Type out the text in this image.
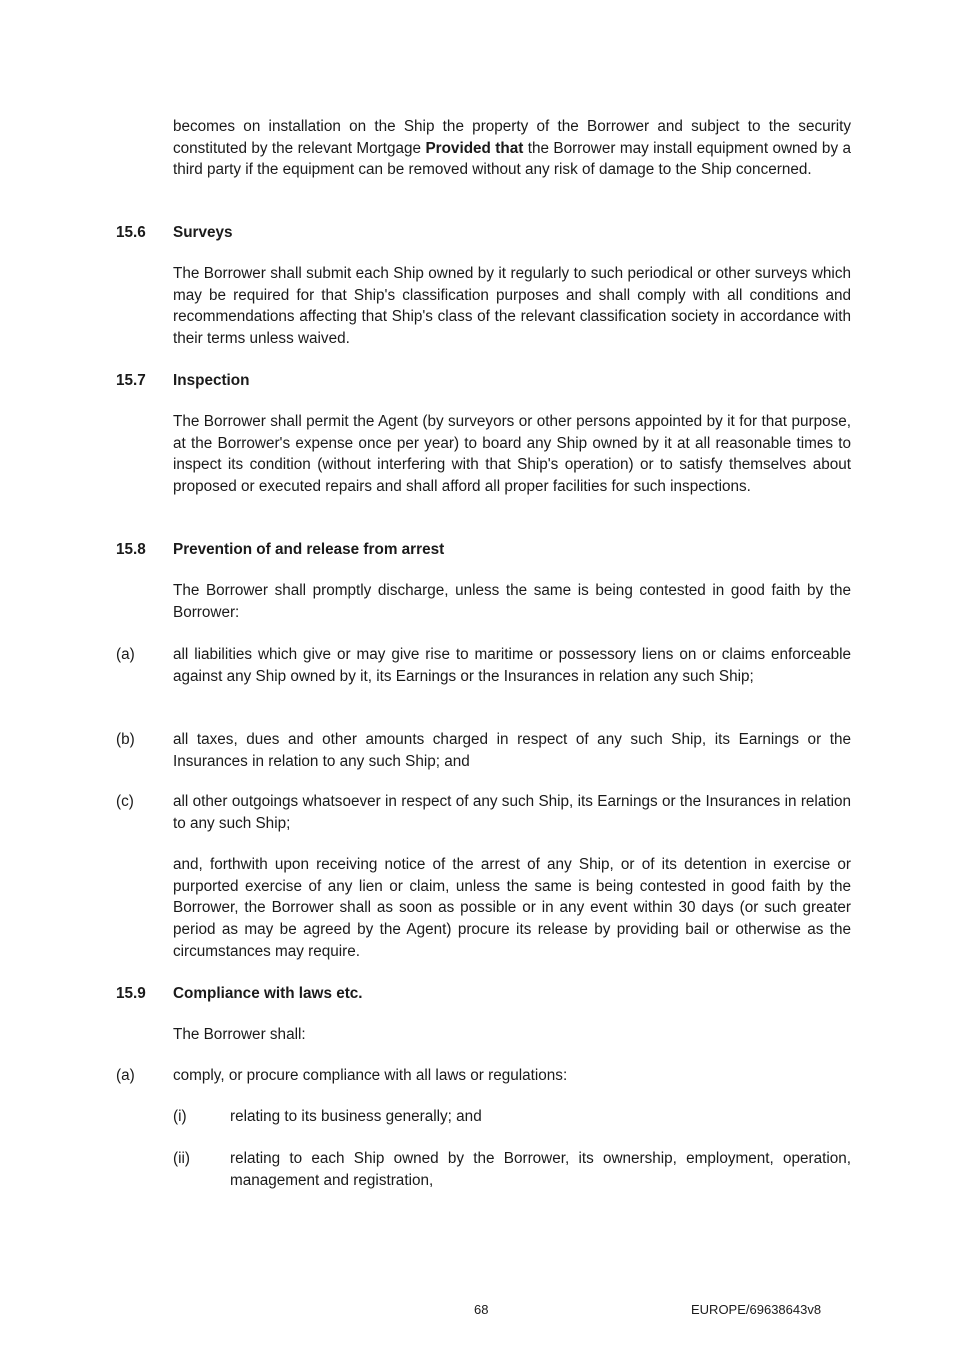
becomes on installation on the Ship the property of the Borrower and subject to the security constituted by the relevant Mortgage Provided that the Borrower may install equipment owned by a third party if the equipment can be removed without any risk of damage to the Ship concerned.

15.6 Surveys

The Borrower shall submit each Ship owned by it regularly to such periodical or other surveys which may be required for that Ship's classification purposes and shall comply with all conditions and recommendations affecting that Ship's class of the relevant classification society in accordance with their terms unless waived.

15.7 Inspection

The Borrower shall permit the Agent (by surveyors or other persons appointed by it for that purpose, at the Borrower's expense once per year) to board any Ship owned by it at all reasonable times to inspect its condition (without interfering with that Ship's operation) or to satisfy themselves about proposed or executed repairs and shall afford all proper facilities for such inspections.

15.8 Prevention of and release from arrest

The Borrower shall promptly discharge, unless the same is being contested in good faith by the Borrower:

(a)	all liabilities which give or may give rise to maritime or possessory liens on or claims enforceable against any Ship owned by it, its Earnings or the Insurances in relation any such Ship;

(b)	all taxes, dues and other amounts charged in respect of any such Ship, its Earnings or the Insurances in relation to any such Ship; and

(c)	all other outgoings whatsoever in respect of any such Ship, its Earnings or the Insurances in relation to any such Ship;

and, forthwith upon receiving notice of the arrest of any Ship, or of its detention in exercise or purported exercise of any lien or claim, unless the same is being contested in good faith by the Borrower, the Borrower shall as soon as possible or in any event within 30 days (or such greater period as may be agreed by the Agent) procure its release by providing bail or otherwise as the circumstances may require.

15.9 Compliance with laws etc.

The Borrower shall:

(a)	comply, or procure compliance with all laws or regulations:

(i)	relating to its business generally; and

(ii)	relating to each Ship owned by the Borrower, its ownership, employment, operation, management and registration,

68	EUROPE/69638643v8
